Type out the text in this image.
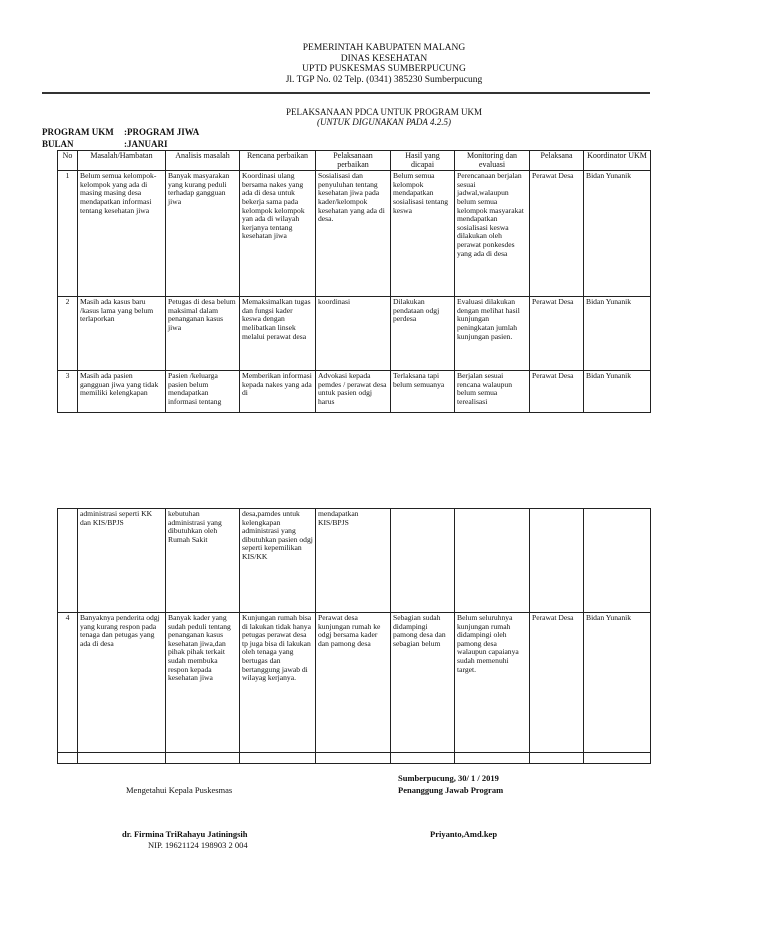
PEMERINTAH KABUPATEN MALANG
DINAS KESEHATAN
UPTD PUSKESMAS SUMBERPUCUNG
Jl. TGP No. 02 Telp. (0341) 385230 Sumberpucung
PELAKSANAAN PDCA UNTUK PROGRAM UKM
(UNTUK DIGUNAKAN PADA 4.2.5)
PROGRAM UKM :PROGRAM JIWA
BULAN	:JANUARI
No	Masalah/Hambatan	Analisis masalah	Rencana perbaikan	Pelaksanaan perbaikan	Hasil yang dicapai	Monitoring dan evaluasi	Pelaksana	Koordinator UKM
1	Belum semua kelompok-kelompok yang ada di masing masing desa mendapatkan informasi tentang kesehatan jiwa	Banyak masyarakan yang kurang peduli terhadap gangguan jiwa	Koordinasi ulang bersama nakes yang ada di desa untuk bekerja sama pada kelompok kelompok yan ada di wilayah kerjanya tentang kesehatan jiwa	Sosialisasi dan penyuluhan tentang kesehatan jiwa pada kader/kelompok kesehatan yang ada di desa.	Belum semua kelompok mendapatkan sosialisasi tentang keswa	Perencanaan berjalan sesuai jadwal,walaupun belum semua kelompok masyarakat mendapatkan sosialisasi keswa dilakukan oleh perawat ponkesdes yang ada di desa	Perawat Desa	Bidan Yunanik
2	Masih ada kasus baru /kasus lama yang belum terlaporkan	Petugas di desa belum maksimal dalam penanganan kasus jiwa	Memaksimalkan tugas dan fungsi kader keswa dengan melibatkan linsek melalui perawat desa	koordinasi	Dilakukan pendataan odgj perdesa	Evaluasi dilakukan dengan melihat hasil kunjungan peningkatan jumlah kunjungan pasien.	Perawat Desa	Bidan Yunanik
3	Masih ada pasien gangguan jiwa yang tidak memiliki kelengkapan	Pasien /keluarga pasien belum mendapatkan informasi tentang	Memberikan informasi kepada nakes yang ada di	Advokasi kepada pemdes / perawat desa untuk pasien odgj harus	Terlaksana tapi belum semuanya	Berjalan sesuai rencana walaupun belum semua terealisasi	Perawat Desa	Bidan Yunanik
	administrasi seperti KK dan KIS/BPJS	kebutuhan administrasi yang dibutuhkan oleh Rumah Sakit	desa,pamdes untuk kelengkapan administrasi yang dibutuhkan pasien odgj seperti kepemilikan KIS/KK	mendapatkan KIS/BPJS				
4	Banyaknya penderita odgj yang kurang respon pada tenaga dan petugas yang ada di desa	Banyak kader yang sudah peduli tentang penanganan kasus kesehatan jiwa,dan pihak pihak terkait sudah membuka respon kepada kesehatan jiwa	Kunjungan rumah bisa di lakukan tidak hanya petugas perawat desa tp juga bisa di lakukan oleh tenaga yang bertugas dan bertanggung jawab di wilayag kerjanya.	Perawat desa kunjungan rumah ke odgj bersama kader dan pamong desa	Sebagian sudah didampingi pamong desa dan sebagian belum	Belum seluruhnya kunjungan rumah didampingi oleh pamong desa walaupun capaianya sudah memenuhi target.	Perawat Desa	Bidan Yunanik

Sumberpucung, 30/ 1 / 2019
Mengetahui Kepala Puskesmas	Penanggung Jawab Program
dr. Firmina TriRahayu Jatiningsih
NIP. 19621124 198903 2 004
Priyanto,Amd.kep
